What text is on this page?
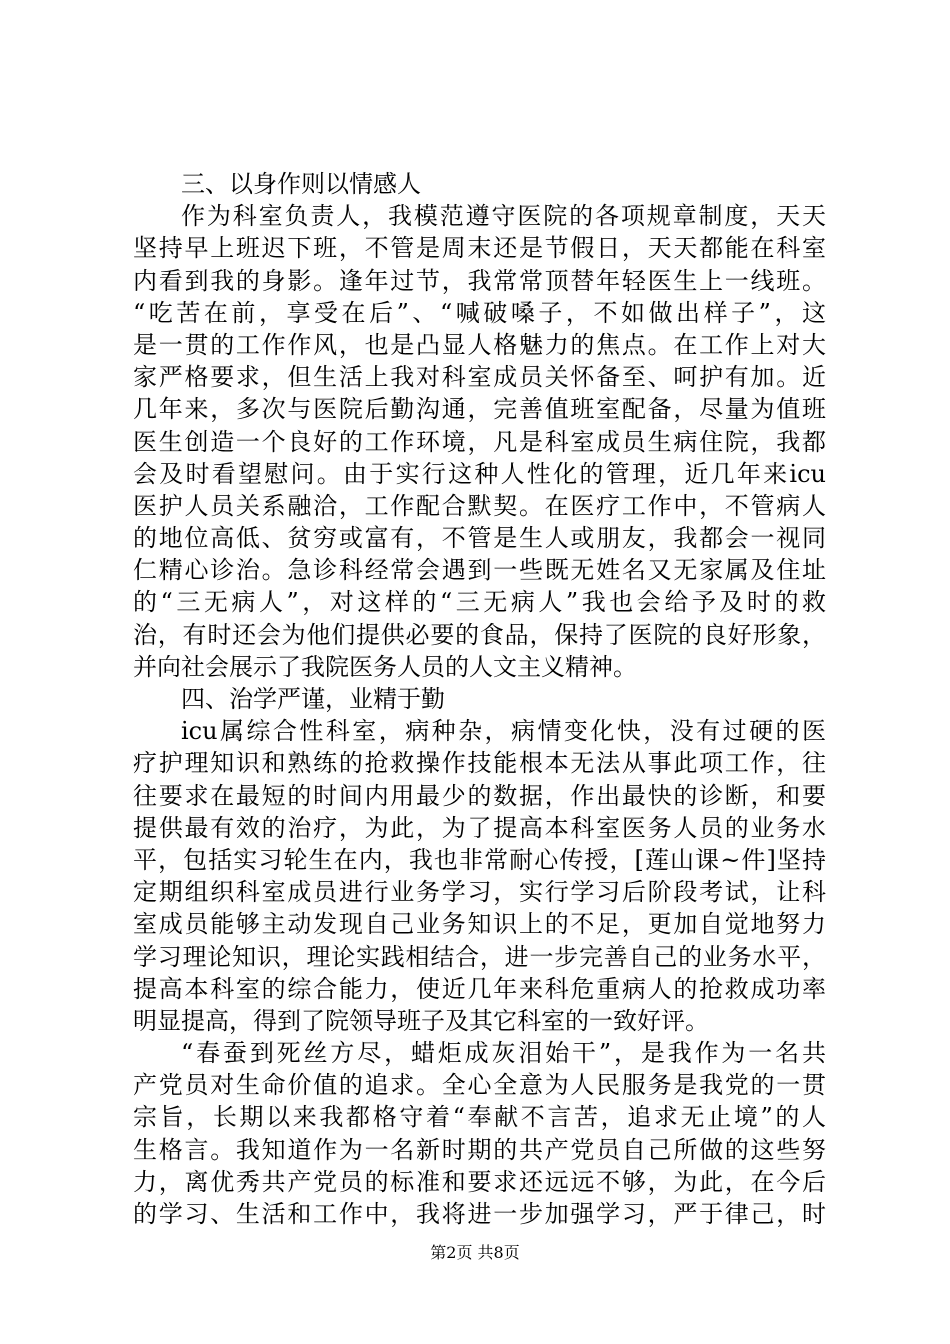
三、以身作则以情感人
作为科室负责人，我模范遵守医院的各项规章制度，天天
坚持早上班迟下班，不管是周末还是节假日，天天都能在科室
内看到我的身影。逢年过节，我常常顶替年轻医生上一线班。
“吃苦在前，享受在后”、“喊破嗓子，不如做出样子”，这
是一贯的工作作风，也是凸显人格魅力的焦点。在工作上对大
家严格要求，但生活上我对科室成员关怀备至、呵护有加。近
几年来，多次与医院后勤沟通，完善值班室配备，尽量为值班
医生创造一个良好的工作环境，凡是科室成员生病住院，我都
会及时看望慰问。由于实行这种人性化的管理，近几年来icu
医护人员关系融洽，工作配合默契。在医疗工作中，不管病人
的地位高低、贫穷或富有，不管是生人或朋友，我都会一视同
仁精心诊治。急诊科经常会遇到一些既无姓名又无家属及住址
的“三无病人”，对这样的“三无病人”我也会给予及时的救
治，有时还会为他们提供必要的食品，保持了医院的良好形象，
并向社会展示了我院医务人员的人文主义精神。
四、治学严谨，业精于勤
icu属综合性科室，病种杂，病情变化快，没有过硬的医
疗护理知识和熟练的抢救操作技能根本无法从事此项工作，往
往要求在最短的时间内用最少的数据，作出最快的诊断，和要
提供最有效的治疗，为此，为了提高本科室医务人员的业务水
平，包括实习轮生在内，我也非常耐心传授，[莲山课~件]坚持
定期组织科室成员进行业务学习，实行学习后阶段考试，让科
室成员能够主动发现自己业务知识上的不足，更加自觉地努力
学习理论知识，理论实践相结合，进一步完善自己的业务水平，
提高本科室的综合能力，使近几年来科危重病人的抢救成功率
明显提高，得到了院领导班子及其它科室的一致好评。
“春蚕到死丝方尽，蜡炬成灰泪始干”，是我作为一名共
产党员对生命价值的追求。全心全意为人民服务是我党的一贯
宗旨，长期以来我都格守着“奉献不言苦，追求无止境”的人
生格言。我知道作为一名新时期的共产党员自己所做的这些努
力，离优秀共产党员的标准和要求还远远不够，为此，在今后
的学习、生活和工作中，我将进一步加强学习，严于律己，时
第2页 共8页
